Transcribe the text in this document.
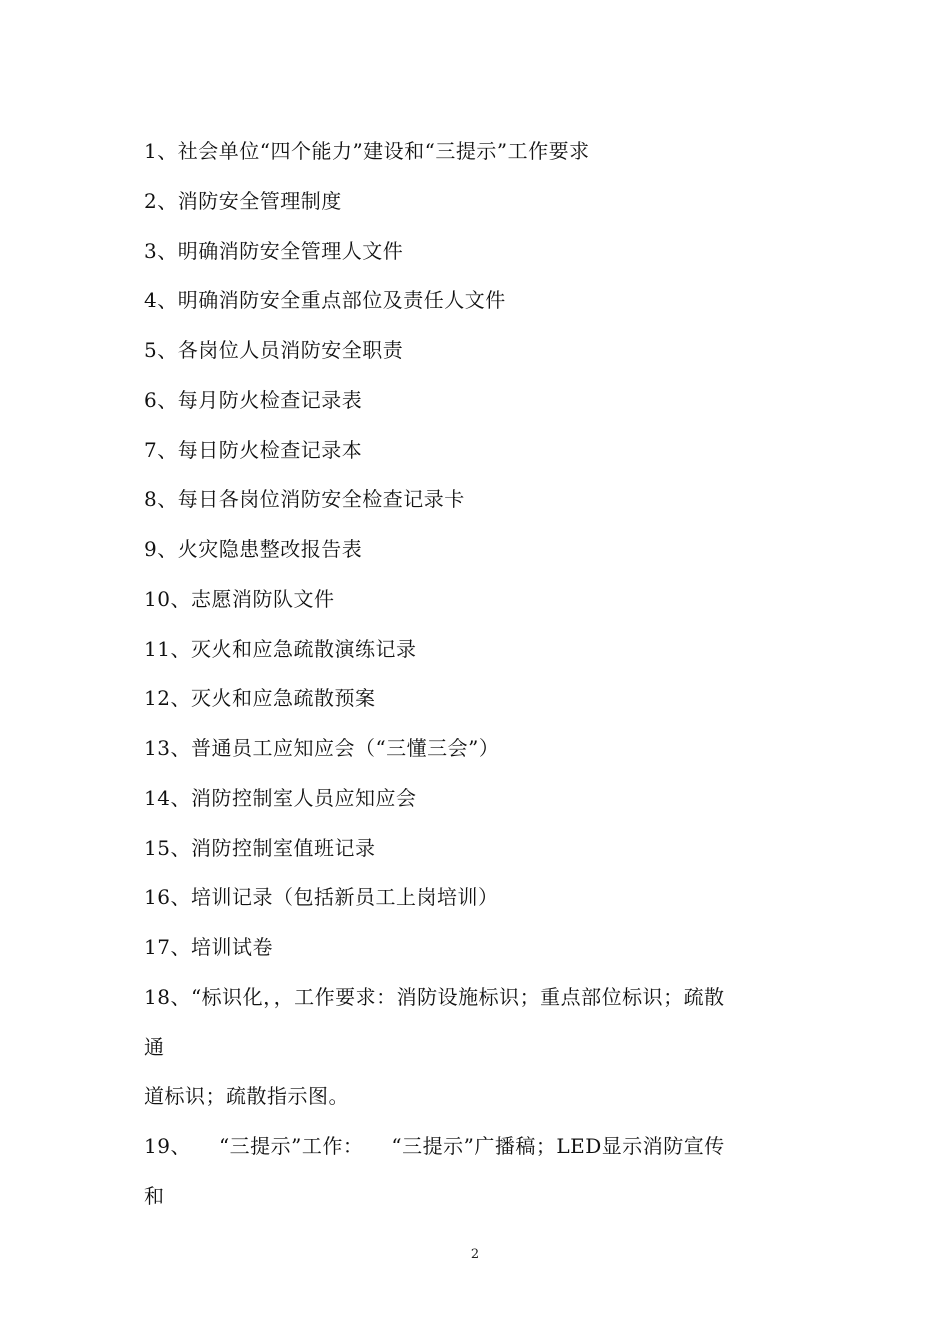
1、社会单位“四个能力”建设和“三提示”工作要求
2、消防安全管理制度
3、明确消防安全管理人文件
4、明确消防安全重点部位及责任人文件
5、各岗位人员消防安全职责
6、每月防火检查记录表
7、每日防火检查记录本
8、每日各岗位消防安全检查记录卡
9、火灾隐患整改报告表
10、志愿消防队文件
11、灭火和应急疏散演练记录
12、灭火和应急疏散预案
13、普通员工应知应会（“三懂三会”）
14、消防控制室人员应知应会
15、消防控制室值班记录
16、培训记录（包括新员工上岗培训）
17、培训试卷
18、“标识化，，工作要求：消防设施标识；重点部位标识；疏散
通
道标识；疏散指示图。
19、 “三提示”工作： “三提示”广播稿；LED显示消防宣传
和
2
